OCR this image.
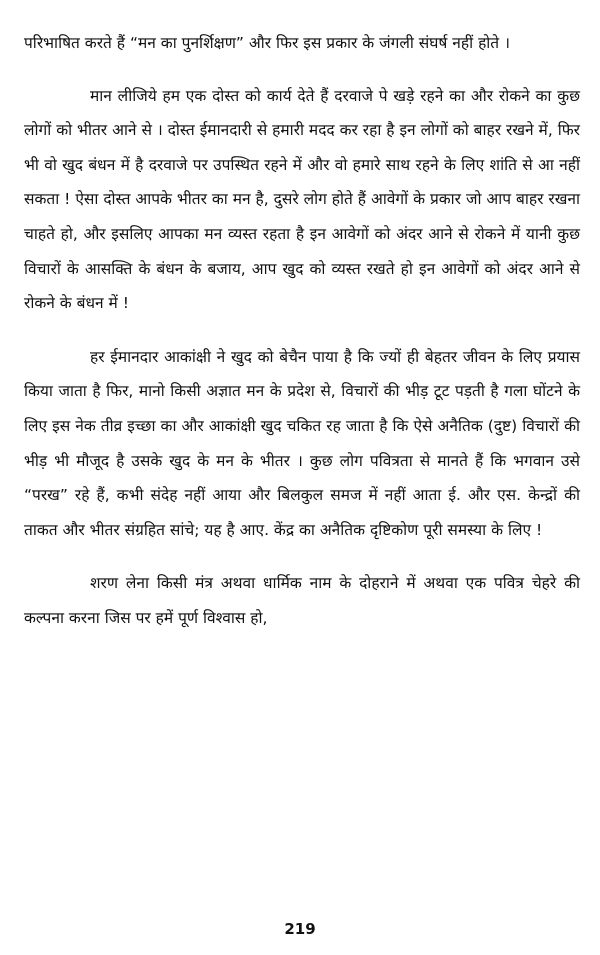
परिभाषित करते हैं “मन का पुनर्शिक्षण” और फिर इस प्रकार के जंगली संघर्ष नहीं होते ।

मान लीजिये हम एक दोस्त को कार्य देते हैं दरवाजे पे खड़े रहने का और रोकने का कुछ लोगों को भीतर आने से । दोस्त ईमानदारी से हमारी मदद कर रहा है इन लोगों को बाहर रखने में, फिर भी वो खुद बंधन में है दरवाजे पर उपस्थित रहने में और वो हमारे साथ रहने के लिए शांति से आ नहीं सकता ! ऐसा दोस्त आपके भीतर का मन है, दुसरे लोग होते हैं आवेगों के प्रकार जो आप बाहर रखना चाहते हो, और इसलिए आपका मन व्यस्त रहता है इन आवेगों को अंदर आने से रोकने में यानी कुछ विचारों के आसक्ति के बंधन के बजाय, आप खुद को व्यस्त रखते हो इन आवेगों को अंदर आने से रोकने के बंधन में !

हर ईमानदार आकांक्षी ने खुद को बेचैन पाया है कि ज्यों ही बेहतर जीवन के लिए प्रयास किया जाता है फिर, मानो किसी अज्ञात मन के प्रदेश से, विचारों की भीड़ टूट पड़ती है गला घोंटने के लिए इस नेक तीव्र इच्छा का और आकांक्षी खुद चकित रह जाता है कि ऐसे अनैतिक (दुष्ट) विचारों की भीड़ भी मौजूद है उसके खुद के मन के भीतर । कुछ लोग पवित्रता से मानते हैं कि भगवान उसे “परख” रहे हैं, कभी संदेह नहीं आया और बिलकुल समज में नहीं आता ई. और एस. केन्द्रों की ताकत और भीतर संग्रहित सांचे; यह है आए. केंद्र का अनैतिक दृष्टिकोण पूरी समस्या के लिए !

शरण लेना किसी मंत्र अथवा धार्मिक नाम के दोहराने में अथवा एक पवित्र चेहरे की कल्पना करना जिस पर हमें पूर्ण विश्वास हो,

219
